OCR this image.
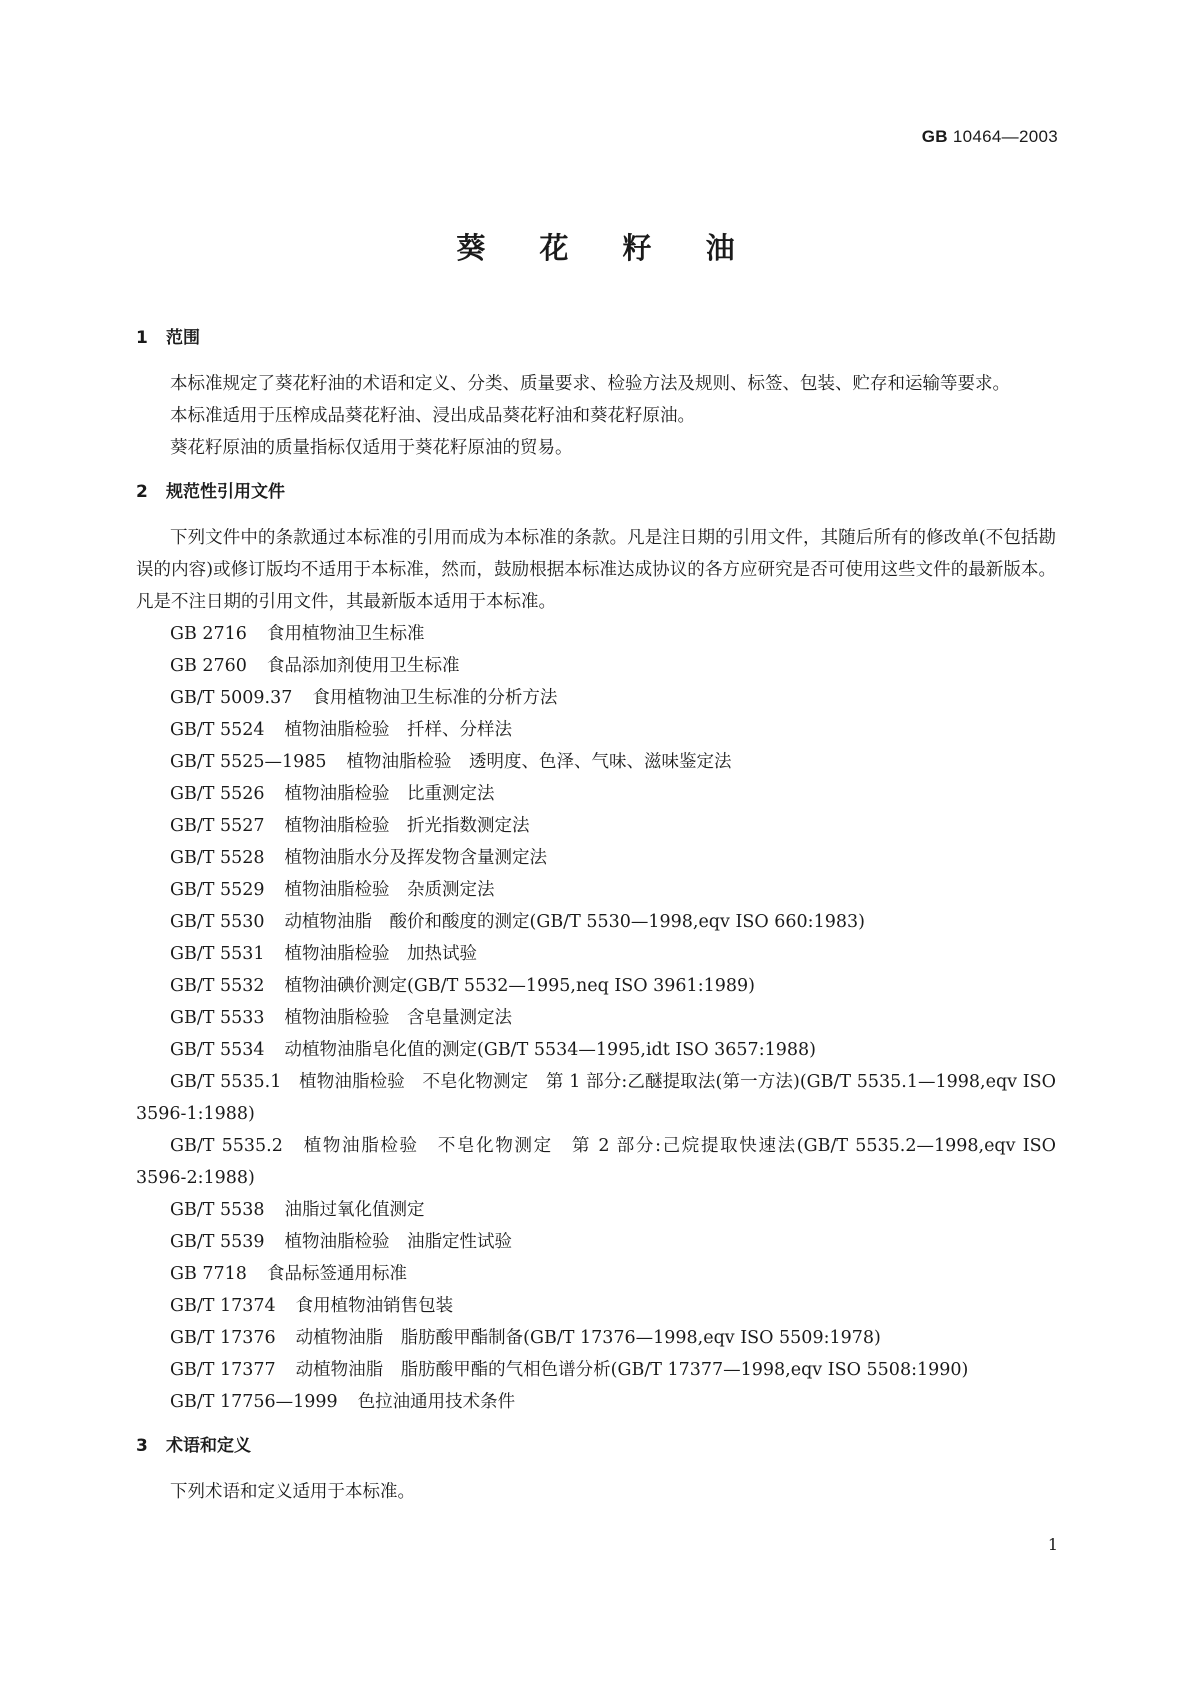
GB 10464—2003
葵 花 籽 油
1 范围

本标准规定了葵花籽油的术语和定义、分类、质量要求、检验方法及规则、标签、包装、贮存和运输等要求。

本标准适用于压榨成品葵花籽油、浸出成品葵花籽油和葵花籽原油。

葵花籽原油的质量指标仅适用于葵花籽原油的贸易。

2 规范性引用文件

下列文件中的条款通过本标准的引用而成为本标准的条款。凡是注日期的引用文件，其随后所有的修改单(不包括勘误的内容)或修订版均不适用于本标准，然而，鼓励根据本标准达成协议的各方应研究是否可使用这些文件的最新版本。凡是不注日期的引用文件，其最新版本适用于本标准。

GB 2716 食用植物油卫生标准
GB 2760 食品添加剂使用卫生标准
GB/T 5009.37 食用植物油卫生标准的分析方法
GB/T 5524 植物油脂检验　扦样、分样法
GB/T 5525—1985 植物油脂检验　透明度、色泽、气味、滋味鉴定法
GB/T 5526 植物油脂检验　比重测定法
GB/T 5527 植物油脂检验　折光指数测定法
GB/T 5528 植物油脂水分及挥发物含量测定法
GB/T 5529 植物油脂检验　杂质测定法
GB/T 5530 动植物油脂　酸价和酸度的测定(GB/T 5530—1998,eqv ISO 660:1983)
GB/T 5531 植物油脂检验　加热试验
GB/T 5532 植物油碘价测定(GB/T 5532—1995,neq ISO 3961:1989)
GB/T 5533 植物油脂检验　含皂量测定法
GB/T 5534 动植物油脂皂化值的测定(GB/T 5534—1995,idt ISO 3657:1988)

GB/T 5535.1　植物油脂检验　不皂化物测定　第 1 部分:乙醚提取法(第一方法)(GB/T 5535.1—1998,eqv ISO 3596-1:1988)

GB/T 5535.2　植物油脂检验　不皂化物测定　第 2 部分:己烷提取快速法(GB/T 5535.2—1998,eqv ISO 3596-2:1988)

GB/T 5538 油脂过氧化值测定
GB/T 5539 植物油脂检验　油脂定性试验
GB 7718 食品标签通用标准
GB/T 17374 食用植物油销售包装
GB/T 17376 动植物油脂　脂肪酸甲酯制备(GB/T 17376—1998,eqv ISO 5509:1978)
GB/T 17377 动植物油脂　脂肪酸甲酯的气相色谱分析(GB/T 17377—1998,eqv ISO 5508:1990)
GB/T 17756—1999 色拉油通用技术条件
3 术语和定义

下列术语和定义适用于本标准。

1
